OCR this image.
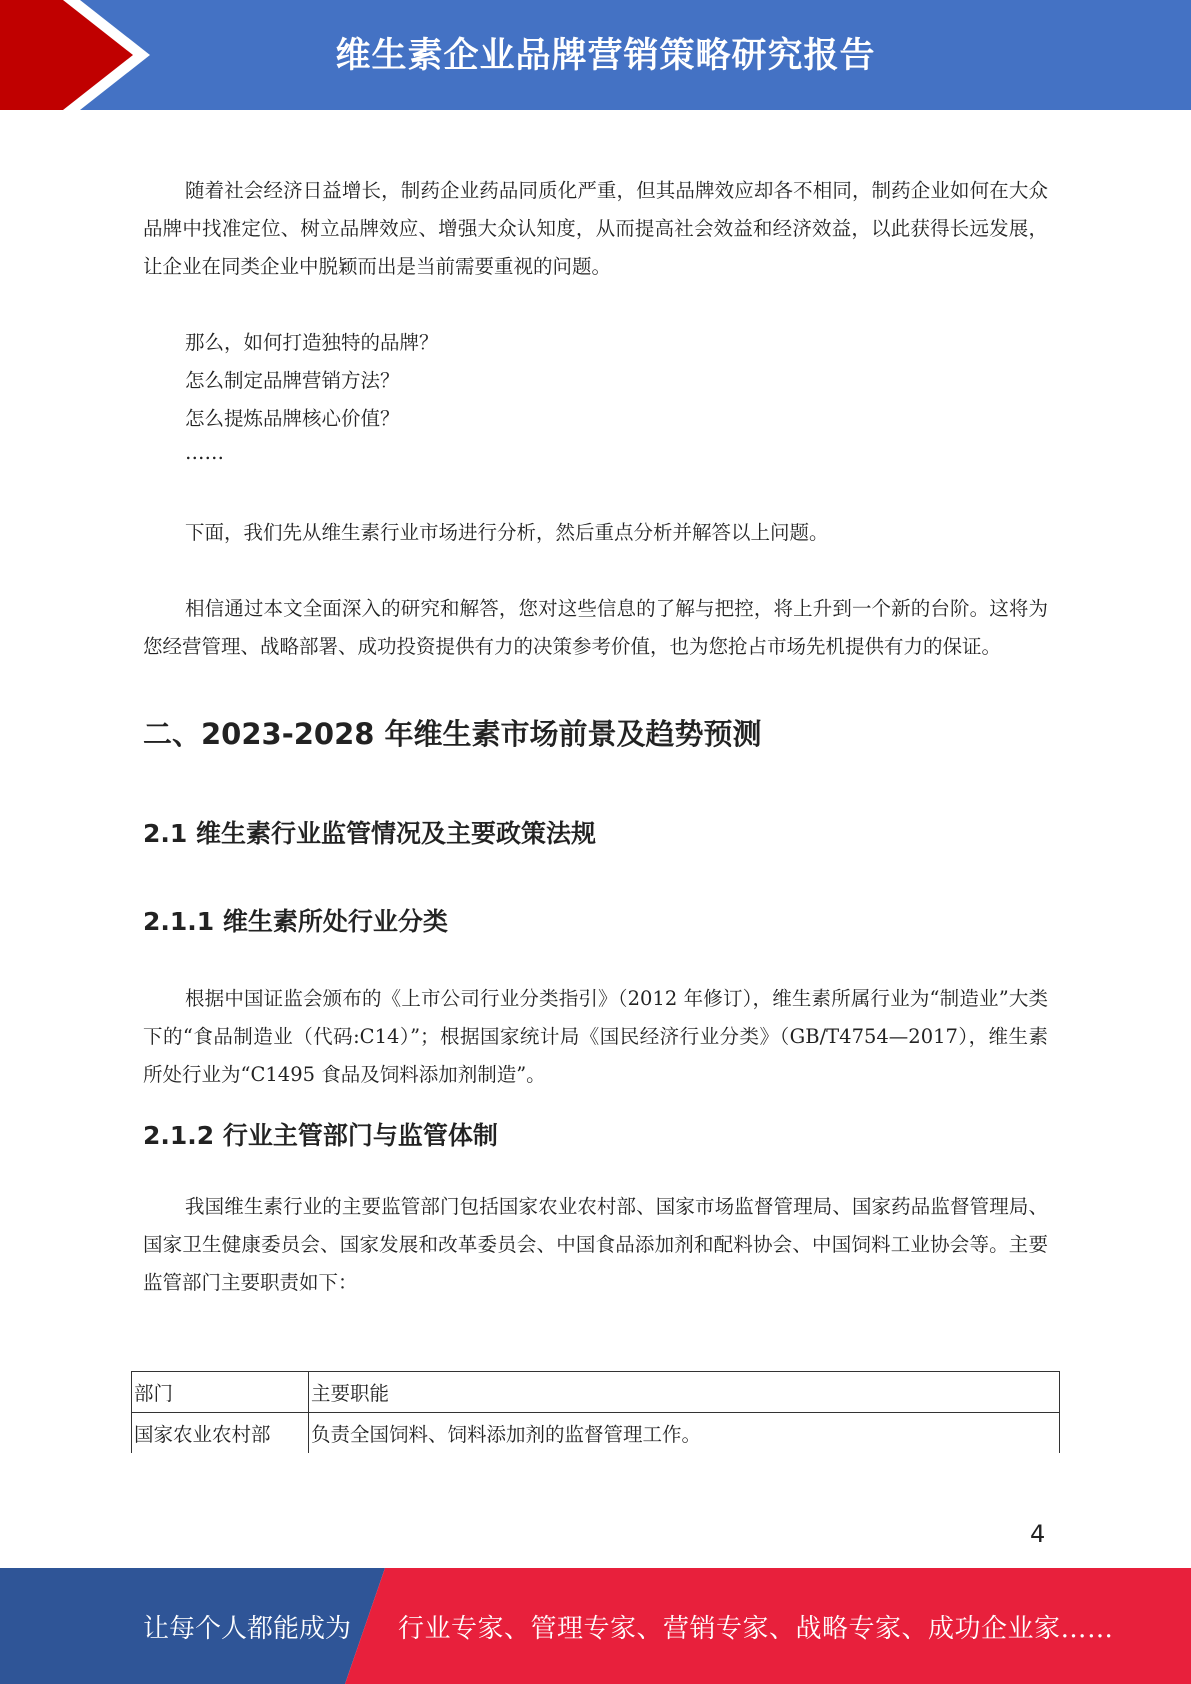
维生素企业品牌营销策略研究报告

随着社会经济日益增长，制药企业药品同质化严重，但其品牌效应却各不相同，制药企业如何在大众品牌中找准定位、树立品牌效应、增强大众认知度，从而提高社会效益和经济效益，以此获得长远发展，让企业在同类企业中脱颖而出是当前需要重视的问题。

那么，如何打造独特的品牌？

怎么制定品牌营销方法？

怎么提炼品牌核心价值？

……

下面，我们先从维生素行业市场进行分析，然后重点分析并解答以上问题。

相信通过本文全面深入的研究和解答，您对这些信息的了解与把控，将上升到一个新的台阶。这将为您经营管理、战略部署、成功投资提供有力的决策参考价值，也为您抢占市场先机提供有力的保证。

二、2023-2028 年维生素市场前景及趋势预测
2.1 维生素行业监管情况及主要政策法规
2.1.1 维生素所处行业分类

根据中国证监会颁布的《上市公司行业分类指引》（2012 年修订），维生素所属行业为“制造业”大类下的“食品制造业（代码:C14）”；根据国家统计局《国民经济行业分类》（GB/T4754—2017），维生素所处行业为“C1495 食品及饲料添加剂制造”。

2.1.2 行业主管部门与监管体制

我国维生素行业的主要监管部门包括国家农业农村部、国家市场监督管理局、国家药品监督管理局、国家卫生健康委员会、国家发展和改革委员会、中国食品添加剂和配料协会、中国饲料工业协会等。主要监管部门主要职责如下：

部门	主要职能
国家农业农村部	负责全国饲料、饲料添加剂的监督管理工作。
4
让每个人都能成为 行业专家、管理专家、营销专家、战略专家、成功企业家……
